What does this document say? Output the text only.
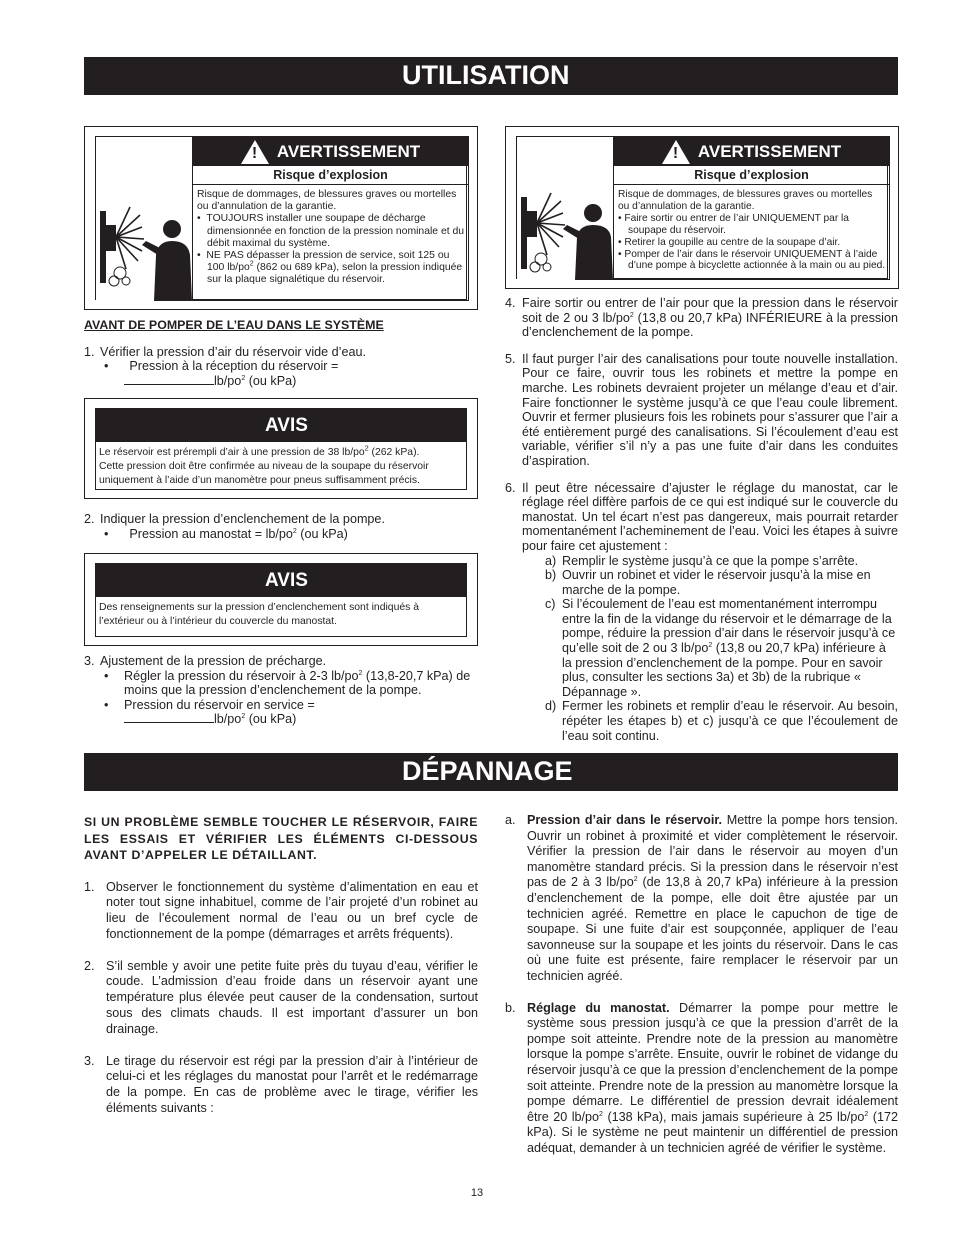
UTILISATION
! AVERTISSEMENT
Risque d’explosion
Risque de dommages, de blessures graves ou mortelles ou d’annulation de la garantie.
•  TOUJOURS installer une soupape de décharge dimensionnée en fonction de la pression nominale et du débit maximal du système.
•  NE PAS dépasser la pression de service, soit 125 ou 100 $lb/po^2$ (862 ou 689 kPa), selon la pression indiquée sur la plaque signalétique du réservoir.
! AVERTISSEMENT
Risque d’explosion
Risque de dommages, de blessures graves ou mortelles ou d’annulation de la garantie.
• Faire sortir ou entrer de l’air UNIQUEMENT par la soupape du réservoir.
• Retirer la goupille au centre de la soupape d’air.
• Pomper de l’air dans le réservoir UNIQUEMENT à l’aide d’une pompe à bicyclette actionnée à la main ou au pied.
AVANT DE POMPER DE L’EAU DANS LE SYSTÈME
1. Vérifier la pression d’air du réservoir vide d’eau.
•      Pression à la réception du réservoir =
$lb/po^2$ (ou kPa)
AVIS
Le réservoir est prérempli d’air à une pression de 38 $lb/po^2$ (262 kPa).
Cette pression doit être confirmée au niveau de la soupape du réservoir uniquement à l’aide d’un manomètre pour pneus suffisamment précis.
2. Indiquer la pression d’enclenchement de la pompe.
•      Pression au manostat = $lb/po^2$ (ou kPa)
AVIS
Des renseignements sur la pression d’enclenchement sont indiqués à l’extérieur ou à l’intérieur du couvercle du manostat.
3. Ajustement de la pression de précharge.
• Régler la pression du réservoir à 2-3 $lb/po^2$ (13,8-20,7 kPa) de moins que la pression d’enclenchement de la pompe.
• Pression du réservoir en service =
$lb/po^2$ (ou kPa)
4. Faire sortir ou entrer de l’air pour que la pression dans le réservoir soit de 2 ou 3 $lb/po^2$ (13,8 ou 20,7 kPa) INFÉRIEURE à la pression d’enclenchement de la pompe.
5. Il faut purger l’air des canalisations pour toute nouvelle installation. Pour ce faire, ouvrir tous les robinets et mettre la pompe en marche. Les robinets devraient projeter un mélange d’eau et d’air. Faire fonctionner le système jusqu’à ce que l’eau coule librement. Ouvrir et fermer plusieurs fois les robinets pour s’assurer que l’air a été entièrement purgé des canalisations. Si l’écoulement d’eau est variable, vérifier s’il n’y a pas une fuite d’air dans les conduites d’aspiration.
6. Il peut être nécessaire d’ajuster le réglage du manostat, car le réglage réel diffère parfois de ce qui est indiqué sur le couvercle du manostat. Un tel écart n’est pas dangereux, mais pourrait retarder momentanément l’acheminement de l’eau. Voici les étapes à suivre pour faire cet ajustement :
a) Remplir le système jusqu’à ce que la pompe s’arrête.
b) Ouvrir un robinet et vider le réservoir jusqu’à la mise en marche de la pompe.
c) Si l’écoulement de l’eau est momentanément interrompu entre la fin de la vidange du réservoir et le démarrage de la pompe, réduire la pression d’air dans le réservoir jusqu’à ce qu’elle soit de 2 ou 3 $lb/po^2$ (13,8 ou 20,7 kPa) inférieure à la pression d’enclenchement de la pompe. Pour en savoir plus, consulter les sections 3a) et 3b) de la rubrique « Dépannage ».
d) Fermer les robinets et remplir d’eau le réservoir. Au besoin, répéter les étapes b) et c) jusqu’à ce que l’écoulement de l’eau soit continu.
DÉPANNAGE
SI UN PROBLÈME SEMBLE TOUCHER LE RÉSERVOIR, FAIRE LES ESSAIS ET VÉRIFIER LES ÉLÉMENTS CI-DESSOUS AVANT D’APPELER LE DÉTAILLANT.
1. Observer le fonctionnement du système d’alimentation en eau et noter tout signe inhabituel, comme de l’air projeté d’un robinet au lieu de l’écoulement normal de l’eau ou un bref cycle de fonctionnement de la pompe (démarrages et arrêts fréquents).
2. S’il semble y avoir une petite fuite près du tuyau d’eau, vérifier le coude. L’admission d’eau froide dans un réservoir ayant une température plus élevée peut causer de la condensation, surtout sous des climats chauds. Il est important d’assurer un bon drainage.
3. Le tirage du réservoir est régi par la pression d’air à l’intérieur de celui-ci et les réglages du manostat pour l’arrêt et le redémarrage de la pompe. En cas de problème avec le tirage, vérifier les éléments suivants :
a. Pression d’air dans le réservoir. Mettre la pompe hors tension. Ouvrir un robinet à proximité et vider complètement le réservoir. Vérifier la pression de l’air dans le réservoir au moyen d’un manomètre standard précis. Si la pression dans le réservoir n’est pas de 2 à 3 $lb/po^2$ (de 13,8 à 20,7 kPa) inférieure à la pression d’enclenchement de la pompe, elle doit être ajustée par un technicien agréé. Remettre en place le capuchon de tige de soupape. Si une fuite d’air est soupçonnée, appliquer de l’eau savonneuse sur la soupape et les joints du réservoir. Dans le cas où une fuite est présente, faire remplacer le réservoir par un technicien agréé.
b. Réglage du manostat. Démarrer la pompe pour mettre le système sous pression jusqu’à ce que la pression d’arrêt de la pompe soit atteinte. Prendre note de la pression au manomètre lorsque la pompe s’arrête. Ensuite, ouvrir le robinet de vidange du réservoir jusqu’à ce que la pression d’enclenchement de la pompe soit atteinte. Prendre note de la pression au manomètre lorsque la pompe démarre. Le différentiel de pression devrait idéalement être 20 $lb/po^2$ (138 kPa), mais jamais supérieure à 25 $lb/po^2$ (172 kPa). Si le système ne peut maintenir un différentiel de pression adéquat, demander à un technicien agréé de vérifier le système.
13
